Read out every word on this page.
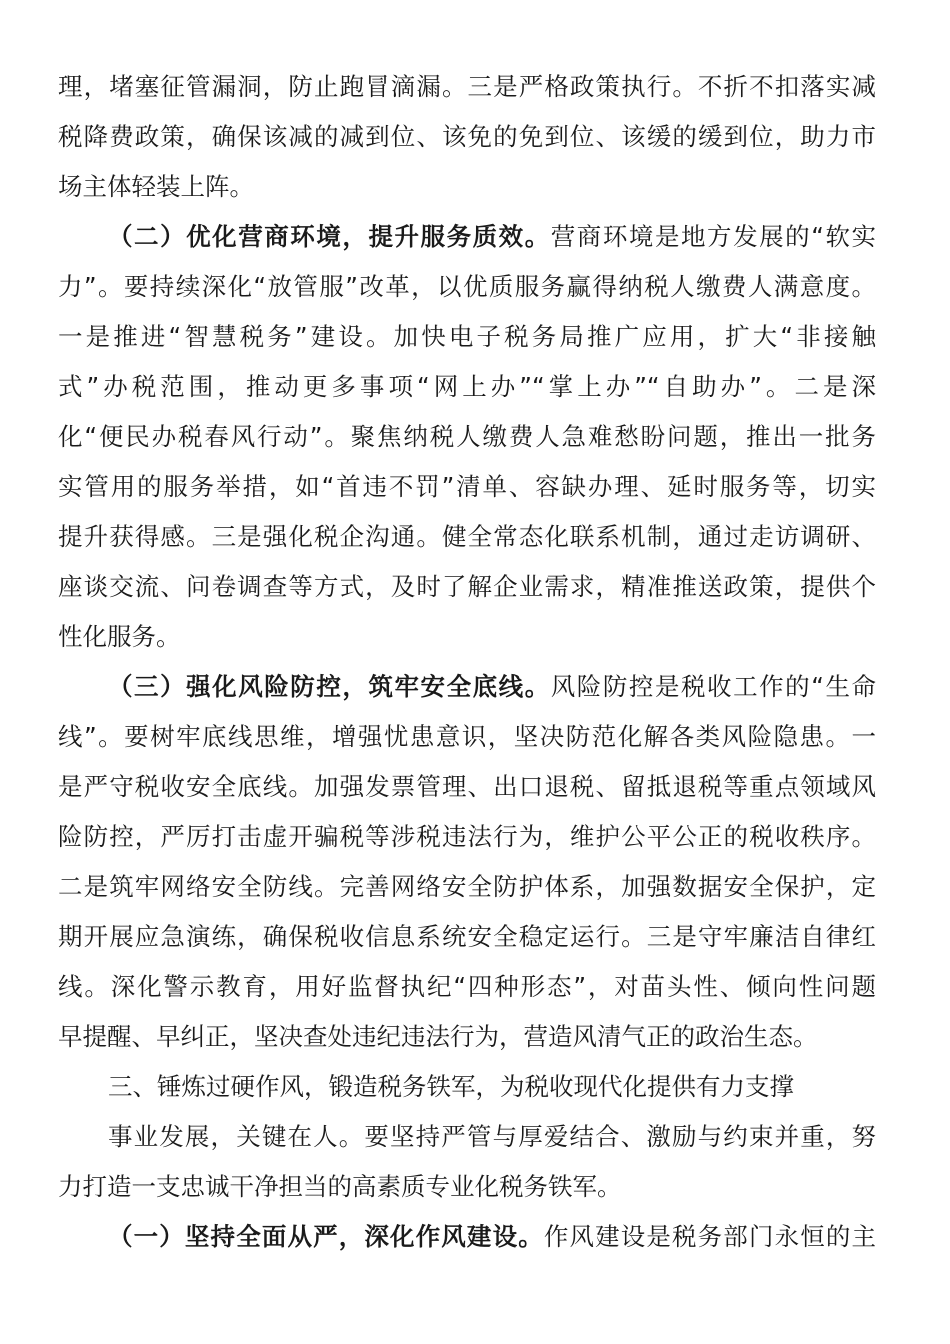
理，堵塞征管漏洞，防止跑冒滴漏。三是严格政策执行。不折不扣落实减
税降费政策，确保该减的减到位、该免的免到位、该缓的缓到位，助力市
场主体轻装上阵。
（二）优化营商环境，提升服务质效。营商环境是地方发展的“软实
力”。要持续深化“放管服”改革，以优质服务赢得纳税人缴费人满意度。
一是推进“智慧税务”建设。加快电子税务局推广应用，扩大“非接触
式”办税范围，推动更多事项“网上办”“掌上办”“自助办”。二是深
化“便民办税春风行动”。聚焦纳税人缴费人急难愁盼问题，推出一批务
实管用的服务举措，如“首违不罚”清单、容缺办理、延时服务等，切实
提升获得感。三是强化税企沟通。健全常态化联系机制，通过走访调研、
座谈交流、问卷调查等方式，及时了解企业需求，精准推送政策，提供个
性化服务。
（三）强化风险防控，筑牢安全底线。风险防控是税收工作的“生命
线”。要树牢底线思维，增强忧患意识，坚决防范化解各类风险隐患。一
是严守税收安全底线。加强发票管理、出口退税、留抵退税等重点领域风
险防控，严厉打击虚开骗税等涉税违法行为，维护公平公正的税收秩序。
二是筑牢网络安全防线。完善网络安全防护体系，加强数据安全保护，定
期开展应急演练，确保税收信息系统安全稳定运行。三是守牢廉洁自律红
线。深化警示教育，用好监督执纪“四种形态”，对苗头性、倾向性问题
早提醒、早纠正，坚决查处违纪违法行为，营造风清气正的政治生态。
三、锤炼过硬作风，锻造税务铁军，为税收现代化提供有力支撑
事业发展，关键在人。要坚持严管与厚爱结合、激励与约束并重，努
力打造一支忠诚干净担当的高素质专业化税务铁军。
（一）坚持全面从严，深化作风建设。作风建设是税务部门永恒的主
